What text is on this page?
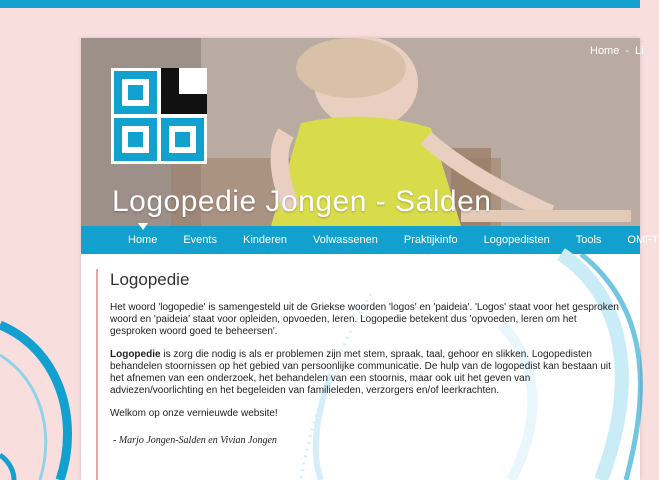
Home - Li
Logopedie Jongen - Salden
Home Events Kinderen Volwassenen Praktijkinfo Logopedisten Tools OMFT
Logopedie

Het woord 'logopedie' is samengesteld uit de Griekse woorden 'logos' en 'paideia'. 'Logos' staat voor het gesproken woord en 'paideia' staat voor opleiden, opvoeden, leren. Logopedie betekent dus 'opvoeden, leren om het gesproken woord goed te beheersen'.

Logopedie is zorg die nodig is als er problemen zijn met stem, spraak, taal, gehoor en slikken. Logopedisten behandelen stoornissen op het gebied van persoonlijke communicatie. De hulp van de logopedist kan bestaan uit het afnemen van een onderzoek, het behandelen van een stoornis, maar ook uit het geven van adviezen/voorlichting en het begeleiden van familieleden, verzorgers en/of leerkrachten.

Welkom op onze vernieuwde website!

- Marjo Jongen-Salden en Vivian Jongen
